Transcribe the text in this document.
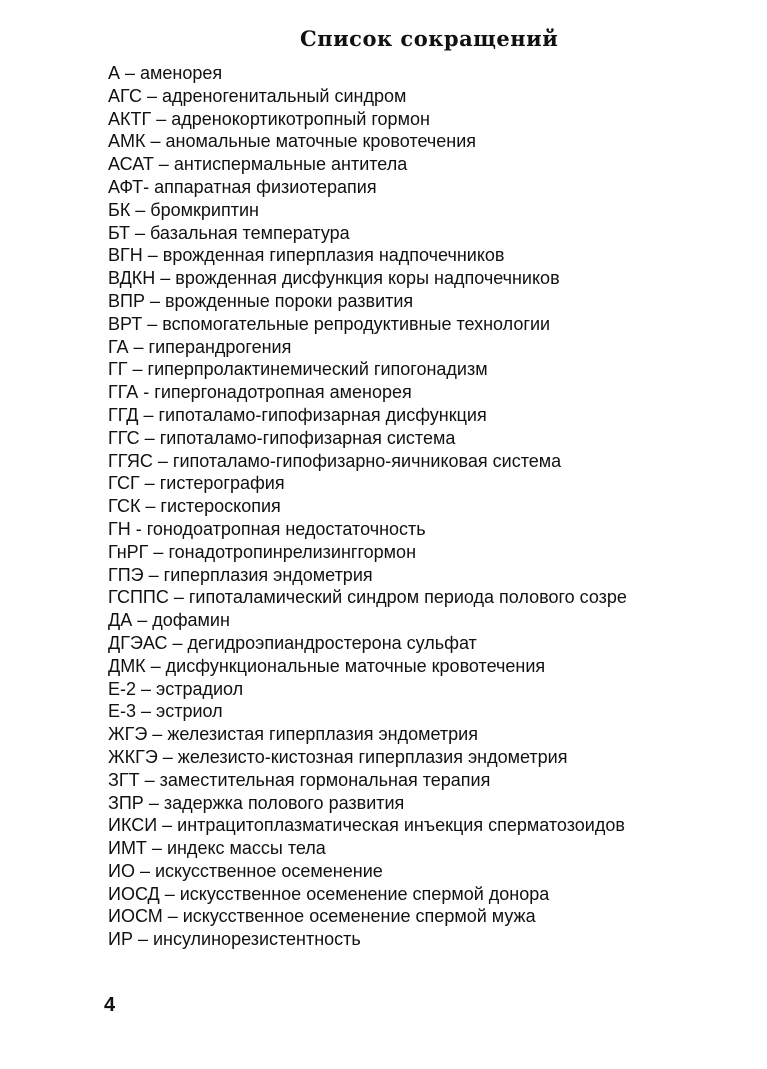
Список сокращений
А – аменорея
АГС – адреногенитальный синдром
АКТГ – адренокортикотропный гормон
АМК – аномальные маточные кровотечения
АСАТ – антиспермальные антитела
АФТ- аппаратная физиотерапия
БК – бромкриптин
БТ – базальная температура
ВГН – врожденная гиперплазия надпочечников
ВДКН – врожденная дисфункция коры надпочечников
ВПР – врожденные пороки развития
ВРТ – вспомогательные репродуктивные технологии
ГА – гиперандрогения
ГГ – гиперпролактинемический гипогонадизм
ГГА - гипергонадотропная аменорея
ГГД – гипоталамо-гипофизарная дисфункция
ГГС – гипоталамо-гипофизарная система
ГГЯС – гипоталамо-гипофизарно-яичниковая система
ГСГ – гистерография
ГСК – гистероскопия
ГН - гонодоатропная недостаточность
ГнРГ – гонадотропинрелизинггормон
ГПЭ – гиперплазия эндометрия
ГСППС – гипоталамический синдром периода полового созре
ДА – дофамин
ДГЭАС – дегидроэпиандростерона сульфат
ДМК – дисфункциональные маточные кровотечения
Е-2 – эстрадиол
Е-3 – эстриол
ЖГЭ – железистая гиперплазия эндометрия
ЖКГЭ – железисто-кистозная гиперплазия эндометрия
ЗГТ – заместительная гормональная терапия
ЗПР – задержка полового развития
ИКСИ – интрацитоплазматическая инъекция сперматозоидов
ИМТ – индекс массы тела
ИО – искусственное осеменение
ИОСД – искусственное осеменение спермой донора
ИОСМ – искусственное осеменение спермой мужа
ИР – инсулинорезистентность
4
